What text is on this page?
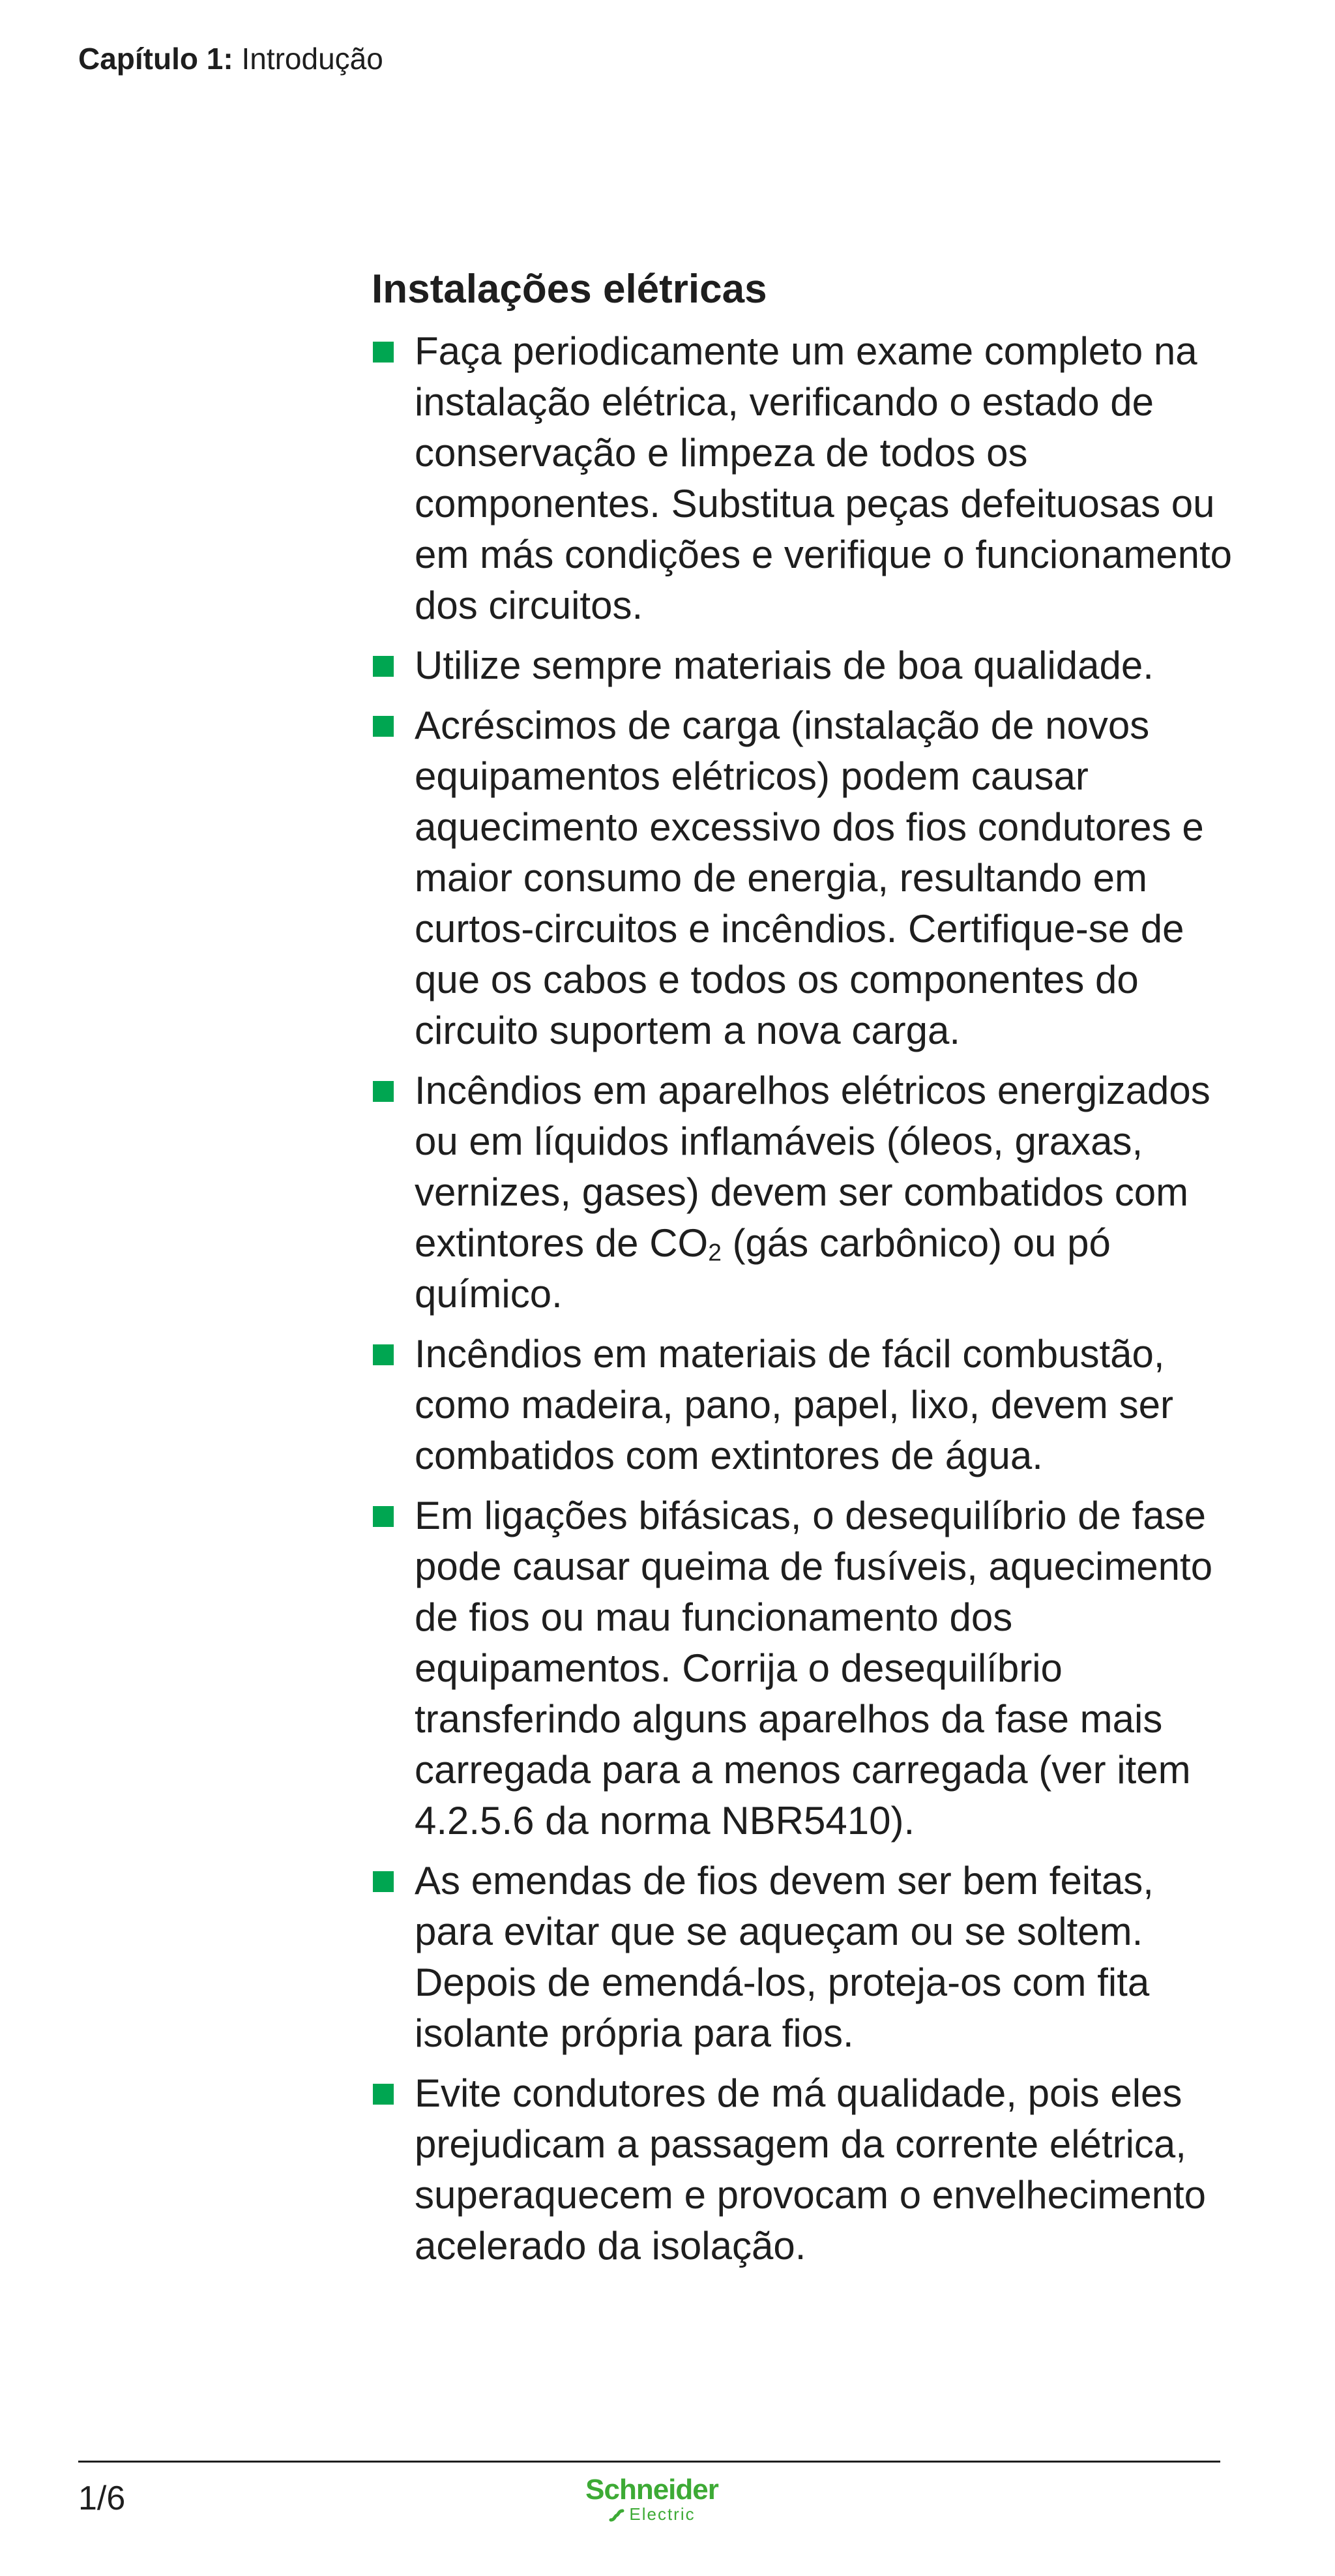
Capítulo 1: Introdução
Instalações elétricas
Faça periodicamente um exame completo na instalação elétrica, verificando o estado de conservação e limpeza de todos os componentes. Substitua peças defeituosas ou em más condições e verifique o funcionamento dos circuitos.
Utilize sempre materiais de boa qualidade.
Acréscimos de carga (instalação de novos equipamentos elétricos) podem causar aquecimento excessivo dos fios condutores e maior consumo de energia, resultando em curtos-circuitos e incêndios. Certifique-se de que os cabos e todos os componentes do circuito suportem a nova carga.
Incêndios em aparelhos elétricos energizados ou em líquidos inflamáveis (óleos, graxas, vernizes, gases) devem ser combatidos com extintores de $CO_2$ (gás carbônico) ou pó químico.
Incêndios em materiais de fácil combustão, como madeira, pano, papel, lixo, devem ser combatidos com extintores de água.
Em ligações bifásicas, o desequilíbrio de fase pode causar queima de fusíveis, aquecimento de fios ou mau funcionamento dos equipamentos. Corrija o desequilíbrio transferindo alguns aparelhos da fase mais carregada para a menos carregada (ver item 4.2.5.6 da norma NBR5410).
As emendas de fios devem ser bem feitas, para evitar que se aqueçam ou se soltem. Depois de emendá-los, proteja-os com fita isolante própria para fios.
Evite condutores de má qualidade, pois eles prejudicam a passagem da corrente elétrica, superaquecem e provocam o envelhecimento acelerado da isolação.
1/6	Schneider
Electric
